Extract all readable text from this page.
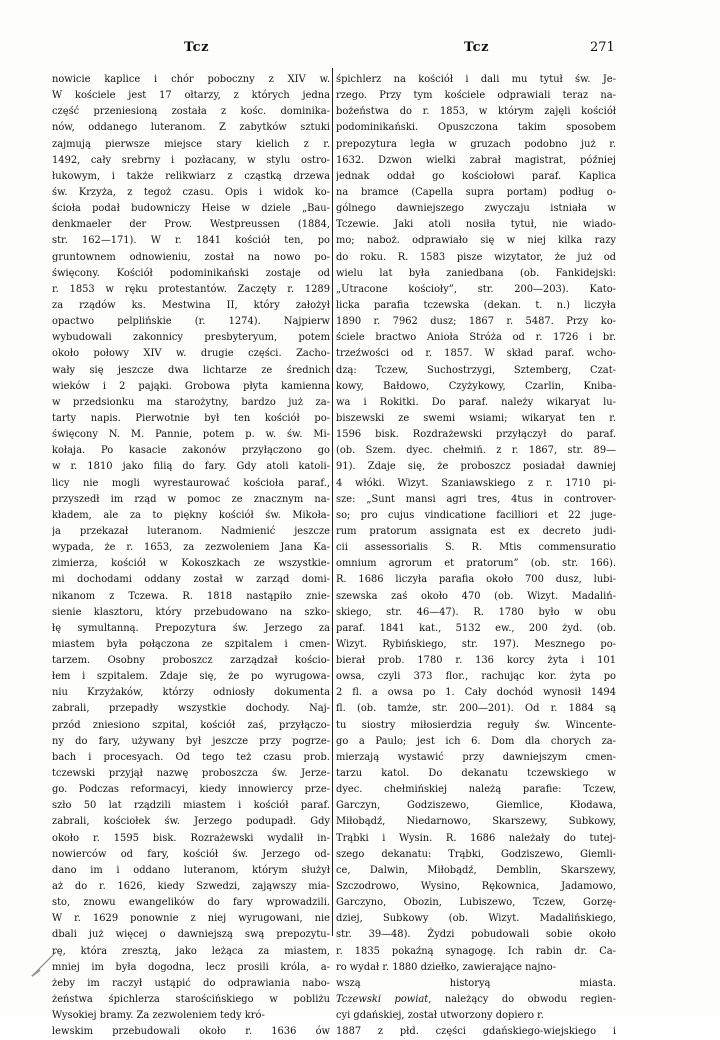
Tcz	Tcz	271
nowicie kaplice i chór poboczny z XIV w.
W kościele jest 17 ołtarzy, z których jedna
część przeniesioną została z kośc. dominika-
nów, oddanego luteranom. Z zabytków sztuki
zajmują pierwsze miejsce stary kielich z r.
1492, cały srebrny i pozłacany, w stylu ostro-
łukowym, i także relikwiarz z cząstką drzewa
św. Krzyża, z tegoż czasu. Opis i widok ko-
ścioła podał budowniczy Heise w dziele „Bau-
denkmaeler der Prow. Westpreussen (1884,
str. 162—171). W r. 1841 kościół ten, po
gruntownem odnowieniu, został na nowo po-
święcony. Kościół podominikański zostaje od
r. 1853 w ręku protestantów. Zaczęty r. 1289
za rządów ks. Mestwina II, który założył
opactwo pelplińskie (r. 1274). Najpierw
wybudowali zakonnicy presbyteryum, potem
około połowy XIV w. drugie części. Zacho-
wały się jeszcze dwa lichtarze ze średnich
wieków i 2 pająki. Grobowa płyta kamienna
w przedsionku ma starożytny, bardzo już za-
tarty napis. Pierwotnie był ten kościół po-
święcony N. M. Pannie, potem p. w. św. Mi-
kołaja. Po kasacie zakonów przyłączono go
w r. 1810 jako filią do fary. Gdy atoli katoli-
licy nie mogli wyrestaurować kościoła paraf.,
przyszedł im rząd w pomoc ze znacznym na-
kładem, ale za to piękny kościół św. Mikoła-
ja przekazał luteranom. Nadmienić jeszcze
wypada, że r. 1653, za zezwoleniem Jana Ka-
zimierza, kościół w Kokoszkach ze wszystkie-
mi dochodami oddany został w zarząd domi-
nikanom z Tczewa. R. 1818 nastąpiło znie-
sienie klasztoru, który przebudowano na szko-
łę symultanną. Prepozytura św. Jerzego za
miastem była połączona ze szpitalem i cmen-
tarzem. Osobny proboszcz zarządzał kościo-
łem i szpitalem. Zdaje się, że po wyrugowa-
niu Krzyżaków, którzy odniosły dokumenta
zabrali, przepadły wszystkie dochody. Naj-
przód zniesiono szpital, kościół zaś, przyłączo-
ny do fary, używany był jeszcze przy pogrze-
bach i procesyach. Od tego też czasu prob.
tczewski przyjął nazwę proboszcza św. Jerze-
go. Podczas reformacyi, kiedy innowiercy prze-
szło 50 lat rządzili miastem i kościół paraf.
zabrali, kościołek św. Jerzego podupadł. Gdy
około r. 1595 bisk. Rozrażewski wydalił in-
nowierców od fary, kościół św. Jerzego od-
dano im i oddano luteranom, którym służył
aż do r. 1626, kiedy Szwedzi, zająwszy mia-
sto, znowu ewangelików do fary wprowadzili.
W r. 1629 ponownie z niej wyrugowani, nie
dbali już więcej o dawniejszą swą prepozytu-
rę, która zresztą, jako leżąca za miastem,
mniej im była dogodna, lecz prosili króla, a-
żeby im raczył ustąpić do odprawiania nabo-
żeństwa śpichlerza starościńskiego w pobliżu
Wysokiej bramy. Za zezwoleniem tedy kró-
lewskim przebudowali około r. 1636 ów
śpichlerz na kościół i dali mu tytuł św. Je-
rzego. Przy tym kościele odprawiali teraz na-
bożeństwa do r. 1853, w którym zajęli kościół
podominikański. Opuszczona takim sposobem
prepozytura legła w gruzach podobno już r.
1632. Dzwon wielki zabrał magistrat, później
jednak oddał go kościołowi paraf. Kaplica
na bramce (Capella supra portam) podług o-
gólnego dawniejszego zwyczaju istniała w
Tczewie. Jaki atoli nosiła tytuł, nie wiado-
mo; naboż. odprawiało się w niej kilka razy
do roku. R. 1583 pisze wizytator, że już od
wielu lat była zaniedbana (ob. Fankidejski:
„Utracone kościoły”, str. 200—203). Kato-
licka parafia tczewska (dekan. t. n.) liczyła
1890 r. 7962 dusz; 1867 r. 5487. Przy ko-
ściele bractwo Anioła Stróża od r. 1726 i br.
trzeźwości od r. 1857. W skład paraf. wcho-
dzą: Tczew, Suchostrzygi, Sztemberg, Czat-
kowy, Bałdowo, Czyżykowy, Czarlin, Kniba-
wa i Rokitki. Do paraf. należy wikaryat lu-
biszewski ze swemi wsiami; wikaryat ten r.
1596 bisk. Rozdrażewski przyłączył do paraf.
(ob. Szem. dyec. chełmiń. z r. 1867, str. 89—
91). Zdaje się, że proboszcz posiadał dawniej
4 włóki. Wizyt. Szaniawskiego z r. 1710 pi-
sze: „Sunt mansi agri tres, 4tus in controver-
so; pro cujus vindicatione facilliori et 22 juge-
rum pratorum assignata est ex decreto judi-
cii assessorialis S. R. Mtis commensuratio
omnium agrorum et pratorum” (ob. str. 166).
R. 1686 liczyła parafia około 700 dusz, lubi-
szewska zaś około 470 (ob. Wizyt. Madaliń-
skiego, str. 46—47). R. 1780 było w obu
paraf. 1841 kat., 5132 ew., 200 żyd. (ob.
Wizyt. Rybińskiego, str. 197). Mesznego po-
bierał prob. 1780 r. 136 korcy żyta i 101
owsa, czyli 373 flor., rachując kor. żyta po
2 fl. a owsa po 1. Cały dochód wynosił 1494
fl. (ob. tamże, str. 200—201). Od r. 1884 są
tu siostry miłosierdzia reguły św. Wincente-
go a Paulo; jest ich 6. Dom dla chorych za-
mierzają wystawić przy dawniejszym cmen-
tarzu katol. Do dekanatu tczewskiego w
dyec. chełmińskiej należą parafie: Tczew,
Garczyn, Godziszewo, Giemlice, Kłodawa,
Miłobądź, Niedarnowo, Skarszewy, Subkowy,
Trąbki i Wysin. R. 1686 należały do tutej-
szego dekanatu: Trąbki, Godziszewo, Giemli-
ce, Dalwin, Miłobądź, Demblin, Skarszewy,
Szczodrowo, Wysino, Rękownica, Jadamowo,
Garczyno, Obozin, Lubiszewo, Tczew, Gorzę-
dziej, Subkowy (ob. Wizyt. Madalińskiego,
str. 39—48). Żydzi pobudowali sobie około
r. 1835 pokaźną synagogę. Ich rabin dr. Ca-
ro wydał r. 1880 dziełko, zawierające najno-
wszą historyą miasta.
Tczewski powiat, należący do obwodu regien-
cyi gdańskiej, został utworzony dopiero r.
1887 z płd. części gdańskiego-wiejskiego i
